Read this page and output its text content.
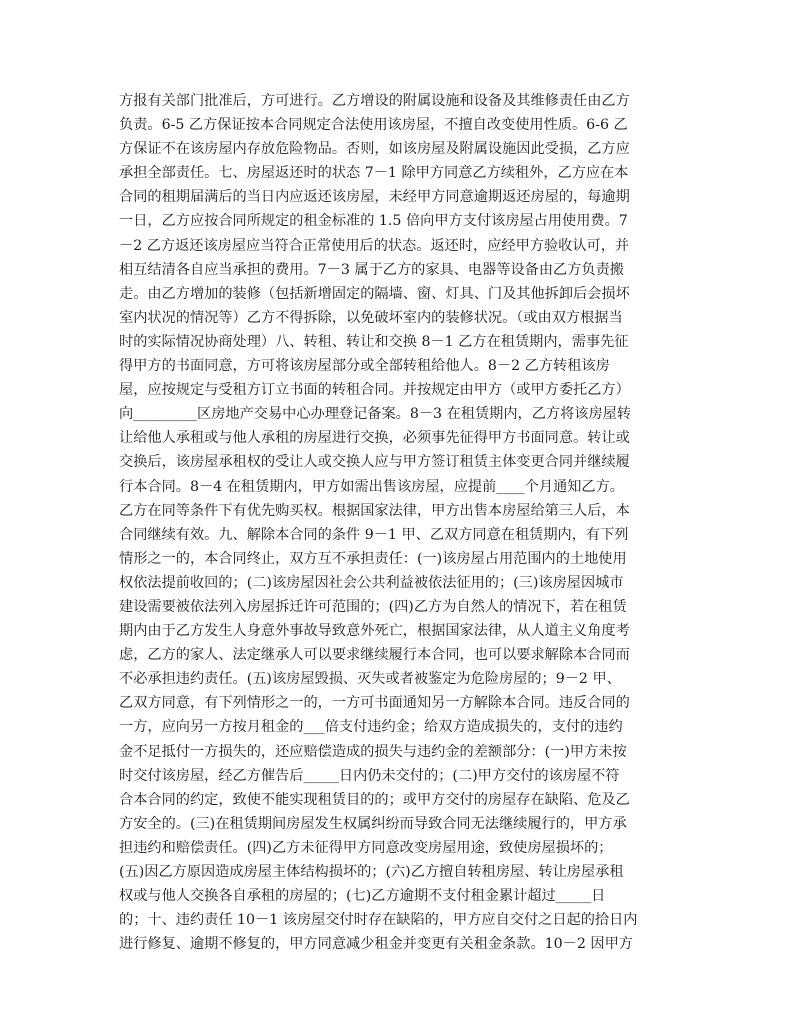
方报有关部门批准后，方可进行。乙方增设的附属设施和设备及其维修责任由乙方
负责。6-5 乙方保证按本合同规定合法使用该房屋，不擅自改变使用性质。6-6 乙
方保证不在该房屋内存放危险物品。否则，如该房屋及附属设施因此受损，乙方应
承担全部责任。七、房屋返还时的状态 7－1 除甲方同意乙方续租外，乙方应在本
合同的租期届满后的当日内应返还该房屋，未经甲方同意逾期返还房屋的，每逾期
一日，乙方应按合同所规定的租金标准的 1.5 倍向甲方支付该房屋占用使用费。7
－2 乙方返还该房屋应当符合正常使用后的状态。返还时，应经甲方验收认可，并
相互结清各自应当承担的费用。7－3 属于乙方的家具、电器等设备由乙方负责搬
走。由乙方增加的装修（包括新增固定的隔墙、窗、灯具、门及其他拆卸后会损坏
室内状况的情况等）乙方不得拆除，以免破坏室内的装修状况。（或由双方根据当
时的实际情况协商处理）八、转租、转让和交换 8－1 乙方在租赁期内，需事先征
得甲方的书面同意，方可将该房屋部分或全部转租给他人。8－2 乙方转租该房
屋，应按规定与受租方订立书面的转租合同。并按规定由甲方（或甲方委托乙方）
向_________区房地产交易中心办理登记备案。8－3 在租赁期内，乙方将该房屋转
让给他人承租或与他人承租的房屋进行交换，必须事先征得甲方书面同意。转让或
交换后，该房屋承租权的受让人或交换人应与甲方签订租赁主体变更合同并继续履
行本合同。8－4 在租赁期内，甲方如需出售该房屋，应提前____个月通知乙方。
乙方在同等条件下有优先购买权。根据国家法律，甲方出售本房屋给第三人后，本
合同继续有效。九、解除本合同的条件 9－1 甲、乙双方同意在租赁期内，有下列
情形之一的，本合同终止，双方互不承担责任：(一)该房屋占用范围内的土地使用
权依法提前收回的；(二)该房屋因社会公共利益被依法征用的；(三)该房屋因城市
建设需要被依法列入房屋拆迁许可范围的；(四)乙方为自然人的情况下，若在租赁
期内由于乙方发生人身意外事故导致意外死亡，根据国家法律，从人道主义角度考
虑，乙方的家人、法定继承人可以要求继续履行本合同，也可以要求解除本合同而
不必承担违约责任。(五)该房屋毁损、灭失或者被鉴定为危险房屋的；9－2 甲、
乙双方同意，有下列情形之一的，一方可书面通知另一方解除本合同。违反合同的
一方，应向另一方按月租金的___倍支付违约金；给双方造成损失的，支付的违约
金不足抵付一方损失的，还应赔偿造成的损失与违约金的差额部分：(一)甲方未按
时交付该房屋，经乙方催告后_____日内仍未交付的；(二)甲方交付的该房屋不符
合本合同的约定，致使不能实现租赁目的的；或甲方交付的房屋存在缺陷、危及乙
方安全的。(三)在租赁期间房屋发生权属纠纷而导致合同无法继续履行的，甲方承
担违约和赔偿责任。(四)乙方未征得甲方同意改变房屋用途，致使房屋损坏的；
(五)因乙方原因造成房屋主体结构损坏的；(六)乙方擅自转租房屋、转让房屋承租
权或与他人交换各自承租的房屋的；(七)乙方逾期不支付租金累计超过_____日
的；十、违约责任 10－1 该房屋交付时存在缺陷的，甲方应自交付之日起的拾日内
进行修复、逾期不修复的，甲方同意减少租金并变更有关租金条款。10－2 因甲方
